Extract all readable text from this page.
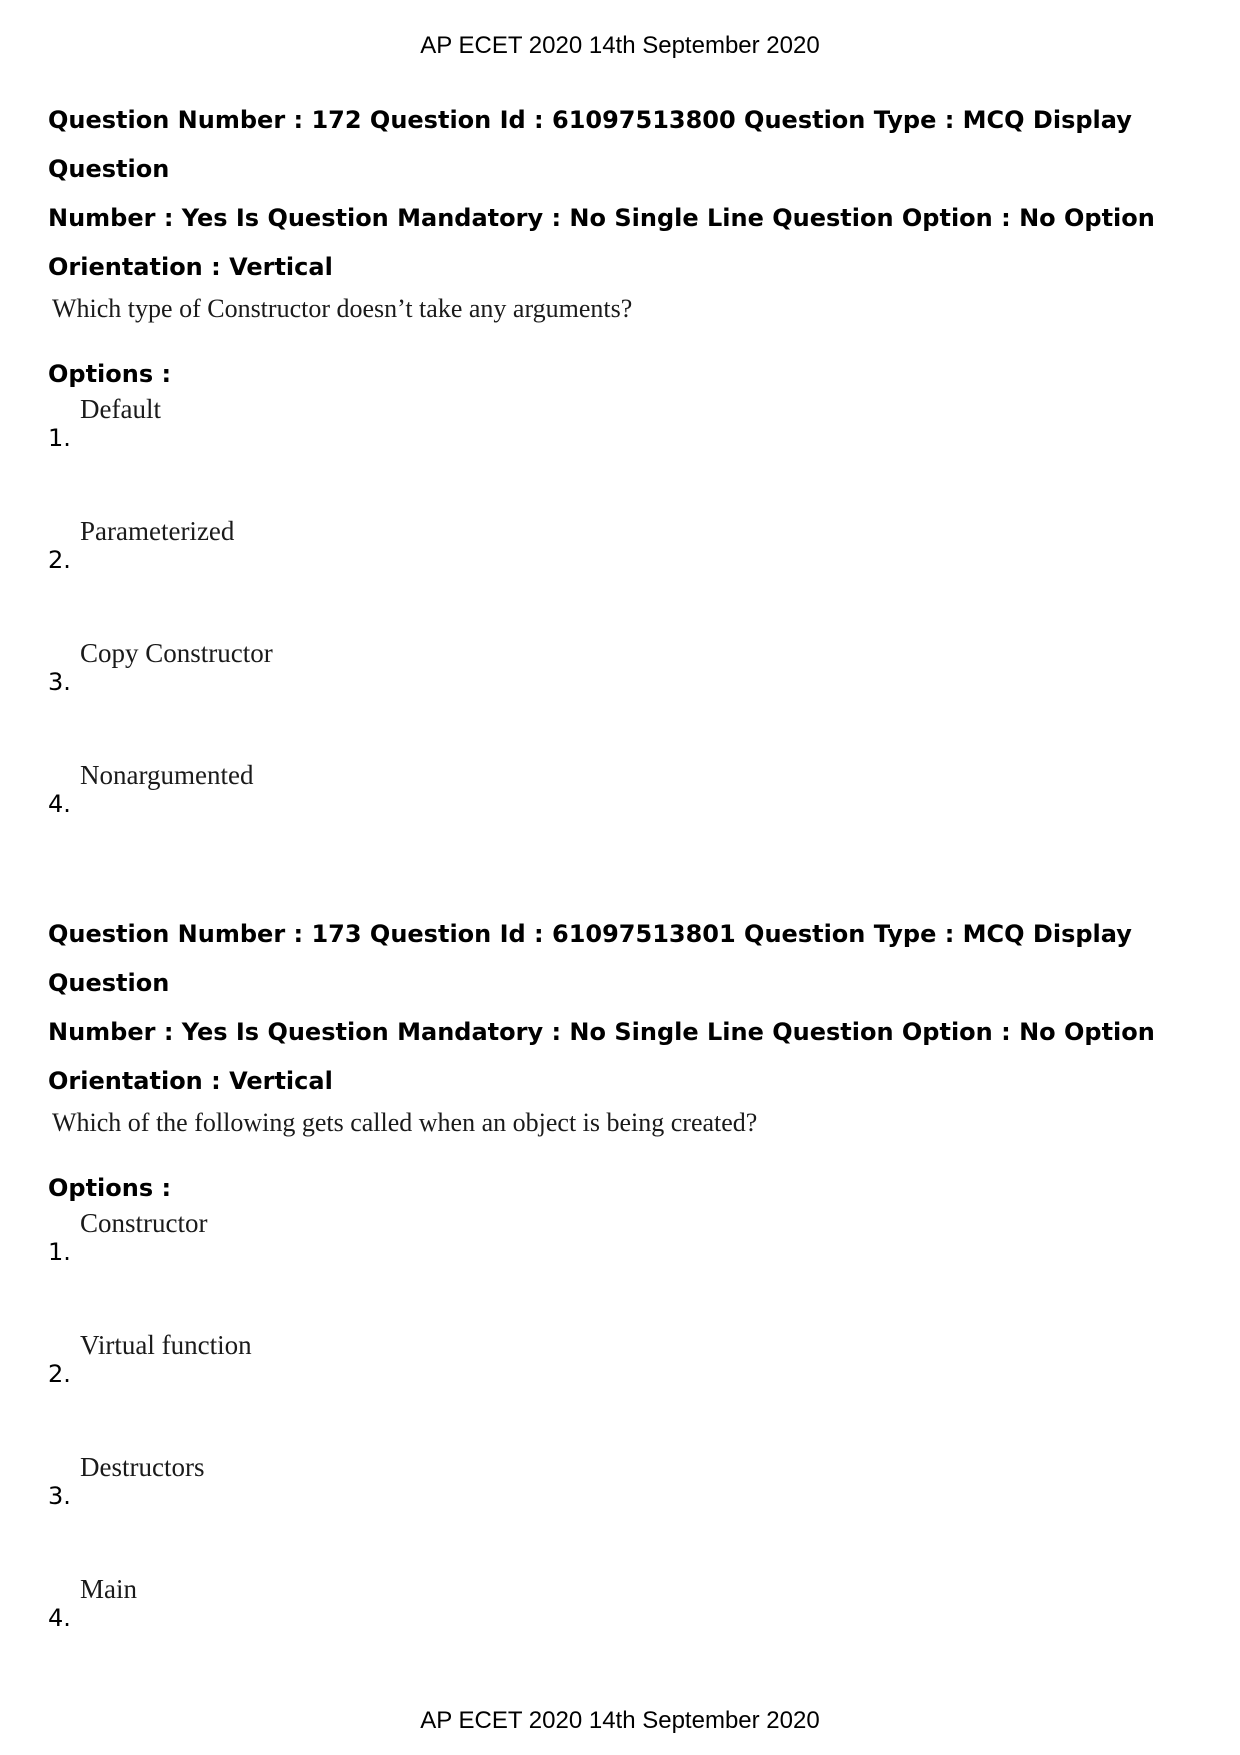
AP ECET 2020 14th September 2020

Question Number : 172 Question Id : 61097513800 Question Type : MCQ Display Question

Number : Yes Is Question Mandatory : No Single Line Question Option : No Option

Orientation : Vertical

Which type of Constructor doesn’t take any arguments?
Options :
1.
Default
2.
Parameterized
3.
Copy Constructor
4.
Nonargumented

Question Number : 173 Question Id : 61097513801 Question Type : MCQ Display Question

Number : Yes Is Question Mandatory : No Single Line Question Option : No Option

Orientation : Vertical

Which of the following gets called when an object is being created?
Options :
1.
Constructor
2.
Virtual function
3.
Destructors
4.
Main
AP ECET 2020 14th September 2020
